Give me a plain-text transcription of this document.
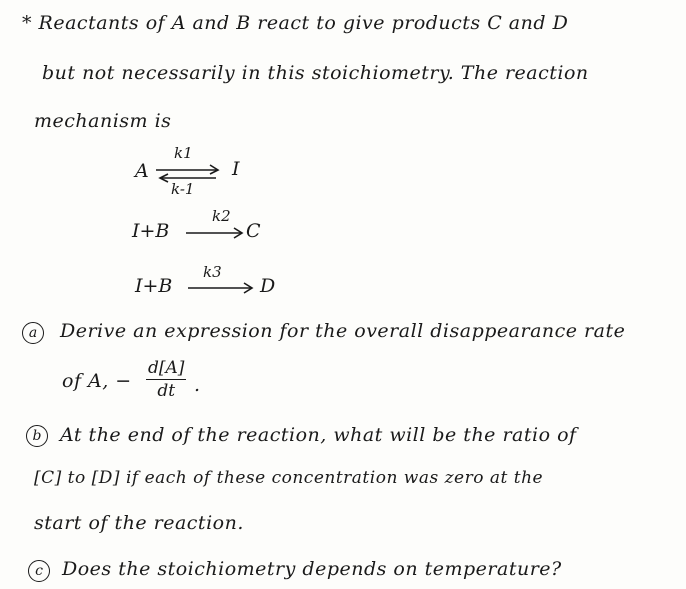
* Reactants of A and B react to give products C and D
but not necessarily in this stoichiometry. The reaction
mechanism is
A
k1
I
k-1
I+B
k2
→ C
I+B
k3
D
a	Derive an expression for the overall disappearance rate
of A, −
d[A]
dt .
b At the end of the reaction, what will be the ratio of
[C] to [D] if each of these concentration was zero at the
start of the reaction.
c	Does the stoichiometry depends on temperature?
